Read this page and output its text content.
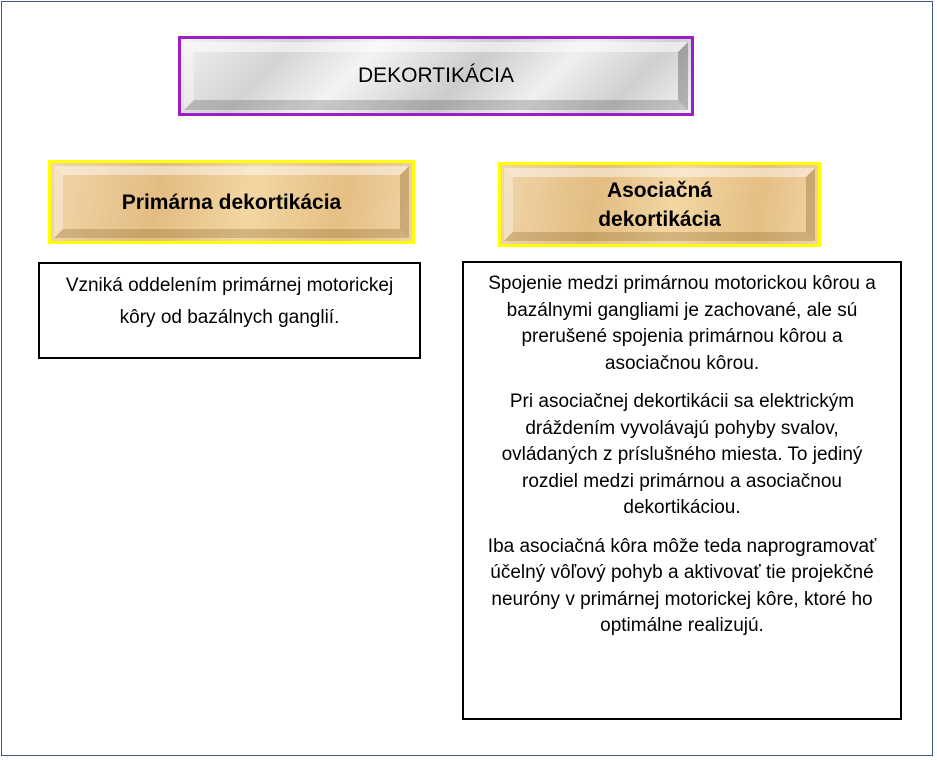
DEKORTIKÁCIA
Primárna dekortikácia
Asociačná
dekortikácia
Vzniká oddelením primárnej motorickej kôry od bazálnych ganglií.

Spojenie medzi primárnou motorickou kôrou a bazálnymi gangliami je zachované, ale sú prerušené spojenia primárnou kôrou a asociačnou kôrou.

Pri asociačnej dekortikácii sa elektrickým dráždením vyvolávajú pohyby svalov, ovládaných z príslušného miesta. To jediný rozdiel medzi primárnou a asociačnou dekortikáciou.

Iba asociačná kôra môže teda naprogramovať účelný vôľový pohyb a aktivovať tie projekčné neuróny v primárnej motorickej kôre, ktoré ho optimálne realizujú.
